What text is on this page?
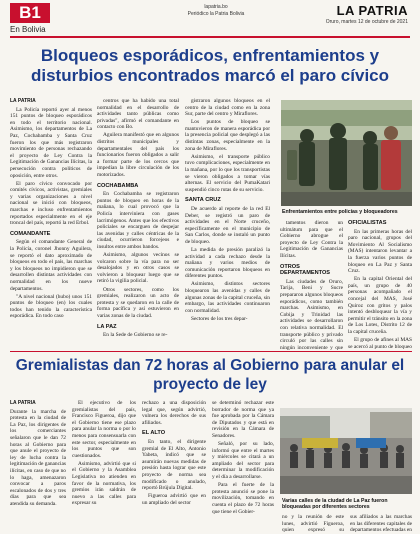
B1
En Bolivia
lapatria.bo
Periódico la Patria Bolivia	LA PATRIA
Oruro, martes 12 de octubre de 2021
Bloqueos esporádicos, enfrentamientos y disturbios encontrados marcó el paro cívico
LA PATRIA

La Policía reportó ayer al menos 151 puntos de bloqueo esporádicos en todo el territorio nacional. Asimismo, los departamentos de La Paz, Cochabamba y Santa Cruz fueron los que más registraron movimiento de personas rechazando el proyecto de Ley Contra la Legitimación de Ganancias Ilícitas, la persecución contra políticos de oposición, entre otros.

El paro cívico convocado por comités cívicos, activistas, gremiales y varias organizaciones a nivel nacional se inició con bloqueos, marchas e incluso enfrentamientos reportados especialmente en el eje troncal del país, reportó la red Erbol.

COMANDANTE

Según el comandante General de la Policía, coronel Jhonny Aguilera, se reportó el dato aproximado de bloqueos en todo el país, las marchas y los bloqueos no impidieron que se desarrollen distintas actividades con normalidad en los nueve departamentos.

"A nivel nacional (hubo) unos 151 puntos de bloqueo (en) los cuales todos han tenido la característica esporádica. En todo caso

centros que ha habido una total normalidad en el desarrollo de actividades tanto públicas como privadas", afirmó el comandante en contacto con Bo.

Aguilera manifestó que en algunos distritos municipales y departamentales del país los funcionarios fueron obligados a salir a formar parte de los cercos que impedían la libre circulación de los motorizados.

COCHABAMBA

En Cochabamba se registraron puntos de bloqueo en horas de la mañana, lo cual provocó que la Policía interviniera con gases lacrimógenos. Antes que los efectivos policiales se encarguen de despejar las avenidas y calles céntricas de la ciudad, ocurrieron forcejeos e insultos entre ambos bandos.

Asimismo, algunos vecinos se volcaron sobre la vía para no ser desalojados y en otros casos se volvieron a bloquear luego que se retiró la vigilia policial.

Otros sectores, como los gremiales, realizaron un acto de protesta y se quedaron en la calle de forma pacífica y así estuvieron en varias zonas de la ciudad.

LA PAZ

En la Sede de Gobierno se re-

gistraron algunos bloqueos en el centro de la ciudad como en la zona Sur, parte del centro y Miraflores.

Los puntos de bloqueo se mantuvieron de manera esporádica por la presencia policial que desplegó a las distintas zonas, especialmente en la zona de Miraflores.

Asimismo, el transporte público tuvo complicaciones, especialmente en la mañana, por lo que los transportistas se vieron obligados a tomar vías alternas. El servicio del PumaKatari suspendió cinco rutas de su servicio.

SANTA CRUZ

De acuerdo al reporte de la red El Deber, se registró un paro de actividades en el Norte cruceño, específicamente en el municipio de San Carlos, donde se instaló un punto de bloqueo.

La medida de presión paralizó la actividad a cada rechazo desde la mañana y varios medios de comunicación reportaron bloqueos en diferentes puntos.

Asimismo, distintos sectores bloquearon las avenidas y calles de algunas zonas de la capital cruceña, sin embargo, las actividades continuaron con normalidad.

Sectores de los tres depar-

Enfrentamientos entre policías y bloqueadores

tamentos dieron un ultimátum para que el Gobierno abrogue el proyecto de Ley Contra la Legitimación de Ganancias Ilícitas.

OTROS DEPARTAMENTOS

Las ciudades de Oruro, Tarija, Beni y Sucre prepararon algunos bloqueos esporádicos, como también marchas. Asimismo, en Cobija y Trinidad las actividades se desarrollaron con relativa normalidad. El transporte público y privado circuló por las calles sin ningún inconveniente y que

OFICIALISTAS

En las primeras horas del paro nacional, grupos del Movimiento Al Socialismo (MAS) intentaron levantar a la fuerza varios puntos de bloqueo en La Paz y Santa Cruz.

En la capital Oriental del país, un grupo de 40 personas acompañado el concejal del MAS, José Quiroz con gritos y palos intentó desbloquear la vía y permitir el tránsito en la zona de Los Lotes, Distrito 12 de la capital cruceña.

El grupo de afines al MAS se acercó al punto de bloqueo

Gremialistas dan 72 horas al Gobierno para anular el proyecto de ley
LA PATRIA

Durante la marcha de protesta en la ciudad de La Paz, los dirigentes de los comerciantes señalaron que le dan 72 horas al Gobierno para que anule el proyecto de ley de lucha contra la legitimación de ganancias ilícitas, en caso de que no lo haga, amenazaron convocar a paros escalonados de dos y tres días para que sea atendida su demanda.

El ejecutivo de los gremialistas del país, Francisco Figueroa, dijo que el Gobierno tiene ese plazo para anular la norma o por lo menos para consensuarla con este sector, especialmente en los puntos que son cuestionados.

Asimismo, advirtió que si el Gobierno y la Asamblea Legislativa no atienden en favor de la normativa, los gremios irán saldrán de nuevo a las calles para expresar su

rechazo a una disposición legal que, según advirtió, vulnera los derechos de sus afiliados.

EL ALTO

En tanto, el dirigente gremial de El Alto, Antonio Yabeta, indicó que se asumirán nuevas medidas de presión hasta lograr que este proyecto de norma sea modificado o anulado, reportó Brújula Digital.

Figueroa advirtió que en un ampliado del sector

se determinó rechazar este borrador de norma que ya fue aprobada por la Cámara de Diputados y que está en revisión en la Cámara de Senadores.

Señaló, por su lado, informó que entre el martes y miércoles se citará a un ampliado del sector para determinar la modificación y el día a desarrollarse.

Para el fuerte de la protesta anunció se pone la movilización, tomando en cuenta el plazo de 72 horas que tiene el Gobier-

Varias calles de la ciudad de La Paz fueron bloqueadas por diferentes sectores

no y la reunión de este lunes, advirtió Figueroa, quien expresó su

sus afiliados a las marchas en las diferentes capitales de departamentos efectuadas en
